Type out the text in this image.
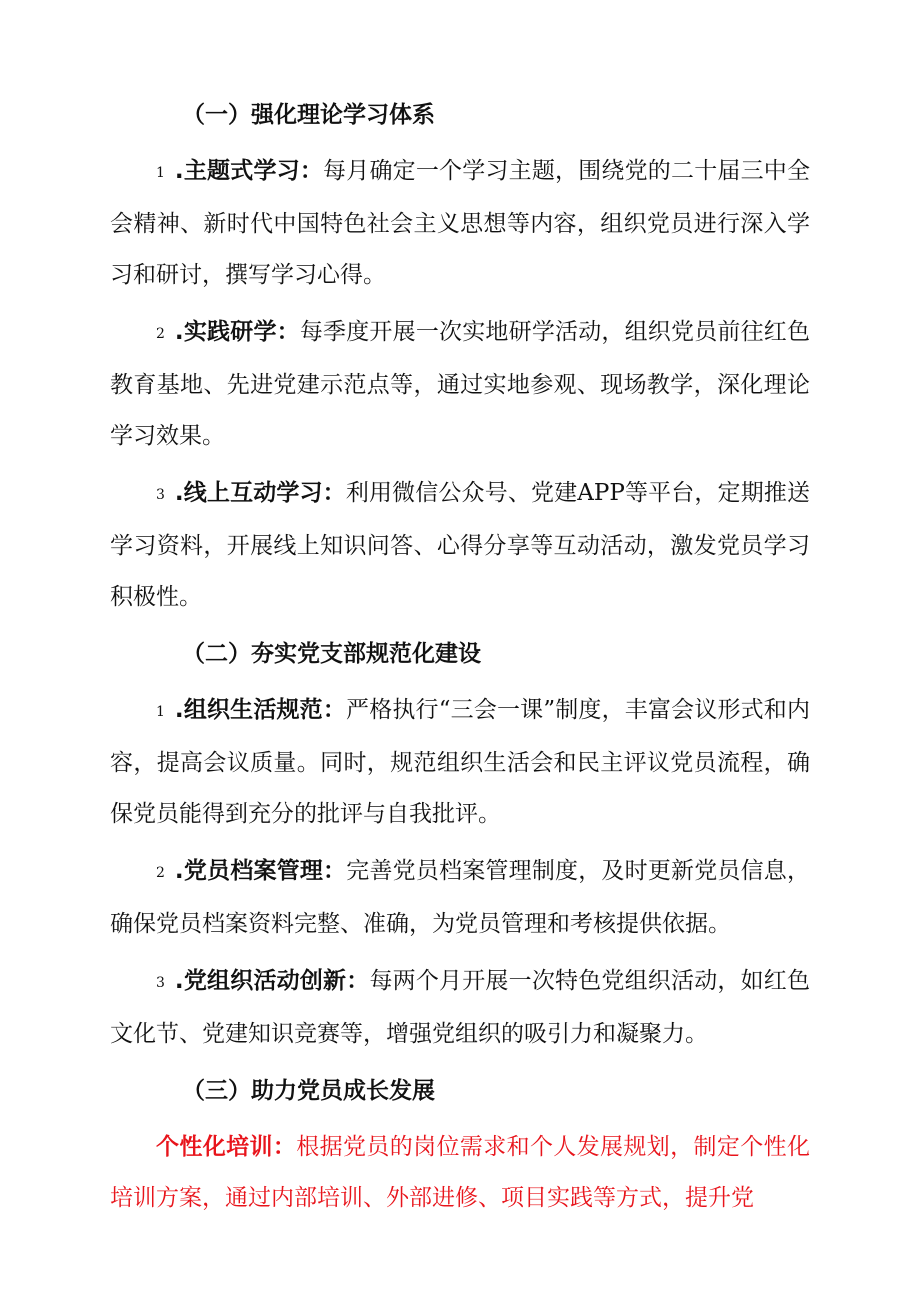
（一）强化理论学习体系

1 .主题式学习：每月确定一个学习主题，围绕党的二十届三中全会精神、新时代中国特色社会主义思想等内容，组织党员进行深入学习和研讨，撰写学习心得。

2 .实践研学：每季度开展一次实地研学活动，组织党员前往红色教育基地、先进党建示范点等，通过实地参观、现场教学，深化理论学习效果。

3 .线上互动学习：利用微信公众号、党建APP等平台，定期推送学习资料，开展线上知识问答、心得分享等互动活动，激发党员学习积极性。

（二）夯实党支部规范化建设

1 .组织生活规范：严格执行“三会一课”制度，丰富会议形式和内容，提高会议质量。同时，规范组织生活会和民主评议党员流程，确保党员能得到充分的批评与自我批评。

2 .党员档案管理：完善党员档案管理制度，及时更新党员信息，确保党员档案资料完整、准确，为党员管理和考核提供依据。

3 .党组织活动创新：每两个月开展一次特色党组织活动，如红色文化节、党建知识竞赛等，增强党组织的吸引力和凝聚力。

（三）助力党员成长发展

个性化培训：根据党员的岗位需求和个人发展规划，制定个性化培训方案，通过内部培训、外部进修、项目实践等方式，提升党
